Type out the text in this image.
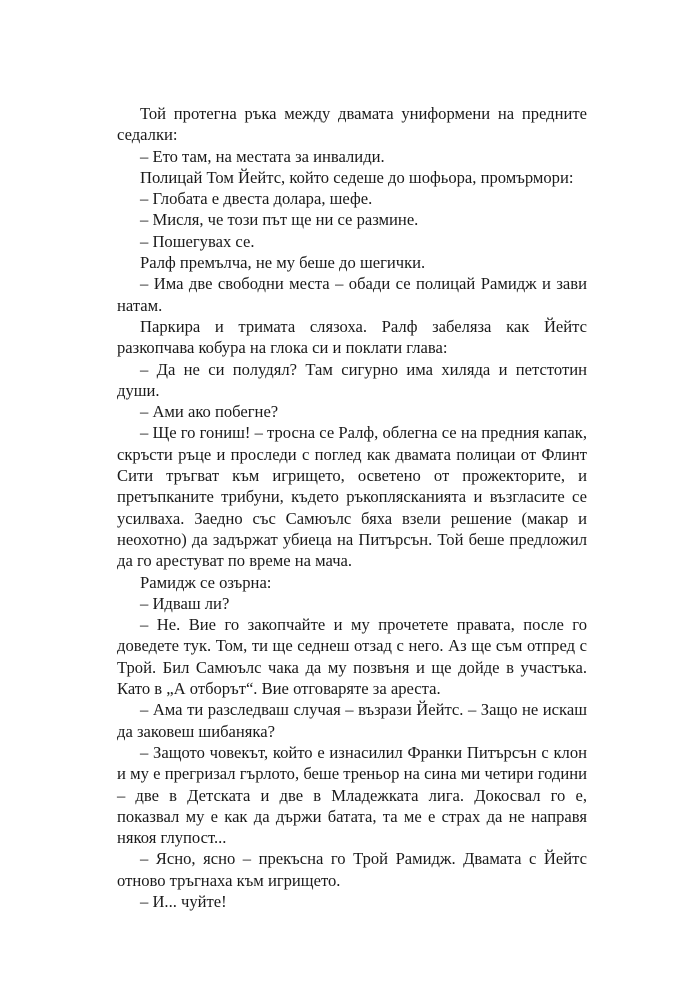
Той протегна ръка между двамата униформени на предните седалки:

– Ето там, на местата за инвалиди.

Полицай Том Йейтс, който седеше до шофьора, промърмори:

– Глобата е двеста долара, шефе.

– Мисля, че този път ще ни се размине.

– Пошегувах се.

Ралф премълча, не му беше до шегички.

– Има две свободни места – обади се полицай Рамидж и зави натам.

Паркира и тримата слязоха. Ралф забеляза как Йейтс разкопчава кобура на глока си и поклати глава:

– Да не си полудял? Там сигурно има хиляда и петстотин души.

– Ами ако побегне?

– Ще го гониш! – тросна се Ралф, облегна се на предния капак, скръсти ръце и проследи с поглед как двамата полицаи от Флинт Сити тръгват към игрището, осветено от прожекторите, и претъпканите трибуни, където ръкоплясканията и възгласите се усилваха. Заедно със Самюълс бяха взели решение (макар и неохотно) да задържат убиеца на Питърсън. Той беше предложил да го арестуват по време на мача.

Рамидж се озърна:

– Идваш ли?

– Не. Вие го закопчайте и му прочетете правата, после го доведете тук. Том, ти ще седнеш отзад с него. Аз ще съм отпред с Трой. Бил Самюълс чака да му позвъня и ще дойде в участъка. Като в „А отборът“. Вие отговаряте за ареста.

– Ама ти разследваш случая – възрази Йейтс. – Защо не искаш да заковеш шибаняка?

– Защото човекът, който е изнасилил Франки Питърсън с клон и му е прегризал гърлото, беше треньор на сина ми четири години – две в Детската и две в Младежката лига. Докосвал го е, показвал му е как да държи батата, та ме е страх да не направя някоя глупост...

– Ясно, ясно – прекъсна го Трой Рамидж. Двамата с Йейтс отново тръгнаха към игрището.

– И... чуйте!
